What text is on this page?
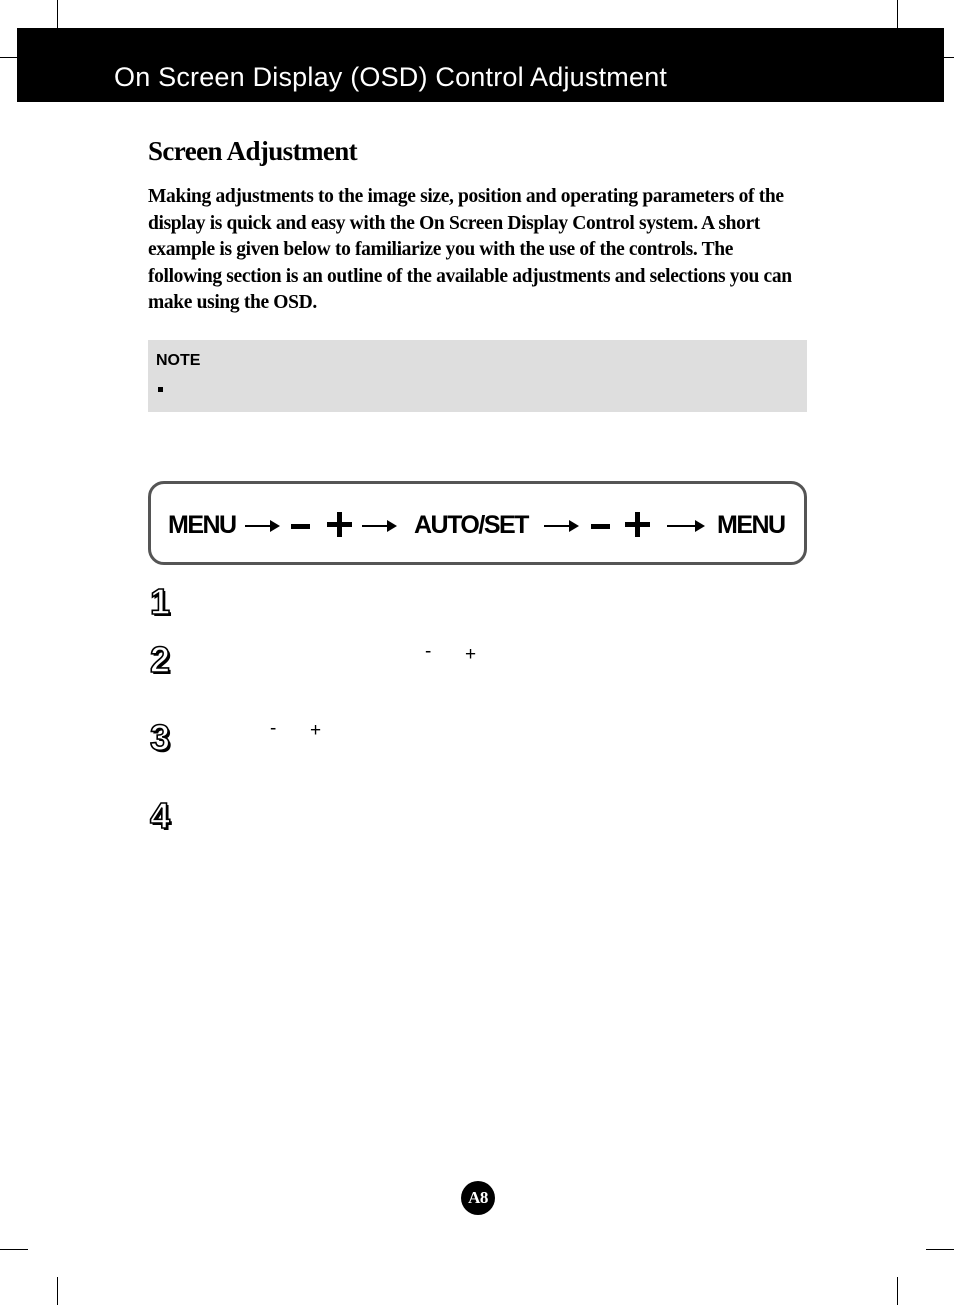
On Screen Display (OSD) Control Adjustment
Screen Adjustment

Making adjustments to the image size, position and operating parameters of the display is quick and easy with the On Screen Display Control system. A short example is given below to familiarize you with the use of the controls. The following section is an outline of the available adjustments and selections you can make using the OSD.

NOTE
MENU	AUTO/SET	MENU
1
2	- +
3	- +
4
A8
